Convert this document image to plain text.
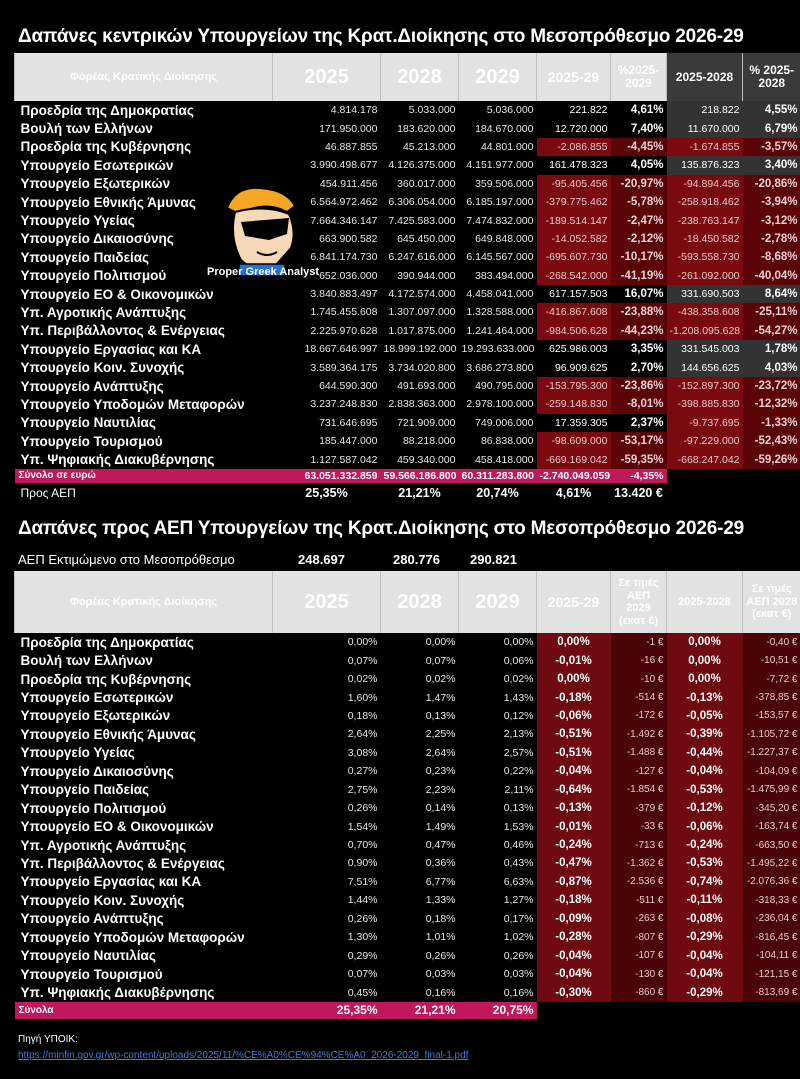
Δαπάνες κεντρικών Υπουργείων της Κρατ.Διοίκησης στο Μεσοπρόθεσμο 2026-29
Φορέας Κρατικής Διοίκησης	2025	2028	2029	2025-29	%2025-2029	2025-2028	% 2025-2028
Προεδρία της Δημοκρατίας	4.814.178	5.033.000	5.036.000	221.822	4,61%	218.822	4,55%
Βουλή των Ελλήνων	171.950.000	183.620.000	184.670.000	12.720.000	7,40%	11.670.000	6,79%
Προεδρία της Κυβέρνησης	46.887.855	45.213.000	44.801.000	-2.086.855	-4,45%	-1.674.855	-3,57%
Υπουργείο Εσωτερικών	3.990.498.677	4.126.375.000	4.151.977.000	161.478.323	4,05%	135.876.323	3,40%
Υπουργείο Εξωτερικών	454.911.456	360.017.000	359.506.000	-95.405.456	-20,97%	-94.894.456	-20,86%
Υπουργείο Εθνικής Άμυνας	6.564.972.462	6.306.054.000	6.185.197.000	-379.775.462	-5,78%	-258.918.462	-3,94%
Υπουργείο Υγείας	7.664.346.147	7.425.583.000	7.474.832.000	-189.514.147	-2,47%	-238.763.147	-3,12%
Υπουργείο Δικαιοσύνης	663.900.582	645.450.000	649.848.000	-14.052.582	-2,12%	-18.450.582	-2,78%
Υπουργείο Παιδείας	6.841.174.730	6.247.616.000	6.145.567.000	-695.607.730	-10,17%	-593.558.730	-8,68%
Υπουργείο Πολιτισμού	652.036.000	390.944.000	383.494.000	-268.542.000	-41,19%	-261.092.000	-40,04%
Υπουργείο ΕΟ & Οικονομικών	3.840.883.497	4.172.574.000	4.458.041.000	617.157.503	16,07%	331.690.503	8,64%
Υπ. Αγροτικής Ανάπτυξης	1.745.455.608	1.307.097.000	1.328.588.000	-416.867.608	-23,88%	-438.358.608	-25,11%
Υπ. Περιβάλλοντος & Ενέργειας	2.225.970.628	1.017.875.000	1.241.464.000	-984.506.628	-44,23%	-1.208.095.628	-54,27%
Υπουργείο Εργασίας και ΚΑ	18.667.646.997	18.999.192.000	19.293.633.000	625.986.003	3,35%	331.545.003	1,78%
Υπουργείο Κοιν. Συνοχής	3.589.364.175	3.734.020.800	3.686.273.800	96.909.625	2,70%	144.656.625	4,03%
Υπουργείο Ανάπτυξης	644.590.300	491.693.000	490.795.000	-153.795.300	-23,86%	-152.897.300	-23,72%
Υπουργείο Υποδομών Μεταφορών	3.237.248.830	2.838.363.000	2.978.100.000	-259.148.830	-8,01%	-398.885.830	-12,32%
Υπουργείο Ναυτιλίας	731.646.695	721.909.000	749.006.000	17.359.305	2,37%	-9.737.695	-1,33%
Υπουργείο Τουρισμού	185.447.000	88.218.000	86.838.000	-98.609.000	-53,17%	-97.229.000	-52,43%
Υπ. Ψηφιακής Διακυβέρνησης	1.127.587.042	459.340.000	458.418.000	-669.169.042	-59,35%	-668.247.042	-59,26%
Σύνολο σε ευρώ	63.051.332.859	59.566.186.800	60.311.283.800	-2.740.049.059	-4,35%		
Προς ΑΕΠ	25,35%	21,21%	20,74%	4,61%	13.420 €		
Proper Greek Analyst
Δαπάνες προς ΑΕΠ Υπουργείων της Κρατ.Διοίκησης στο Μεσοπρόθεσμο 2026-29
ΑΕΠ Εκτιμώμενο στο Μεσοπρόθεσμο	248.697	280.776 290.821
Φορέας Κρατικής Διοίκησης	2025	2028	2029	2025-29	Σε τιμές ΑΕΠ 2029 (εκατ €)	2025-2028	Σε τιμές ΑΕΠ 2028 (εκατ €)
Προεδρία της Δημοκρατίας	0,00%	0,00%	0,00%	0,00%	-1 €	0,00%	-0,40 €
Βουλή των Ελλήνων	0,07%	0,07%	0,06%	-0,01%	-16 €	0,00%	-10,51 €
Προεδρία της Κυβέρνησης	0,02%	0,02%	0,02%	0,00%	-10 €	0,00%	-7,72 €
Υπουργείο Εσωτερικών	1,60%	1,47%	1,43%	-0,18%	-514 €	-0,13%	-378,85 €
Υπουργείο Εξωτερικών	0,18%	0,13%	0,12%	-0,06%	-172 €	-0,05%	-153,57 €
Υπουργείο Εθνικής Άμυνας	2,64%	2,25%	2,13%	-0,51%	-1.492 €	-0,39%	-1.105,72 €
Υπουργείο Υγείας	3,08%	2,64%	2,57%	-0,51%	-1.488 €	-0,44%	-1.227,37 €
Υπουργείο Δικαιοσύνης	0,27%	0,23%	0,22%	-0,04%	-127 €	-0,04%	-104,09 €
Υπουργείο Παιδείας	2,75%	2,23%	2,11%	-0,64%	-1.854 €	-0,53%	-1.475,99 €
Υπουργείο Πολιτισμού	0,26%	0,14%	0,13%	-0,13%	-379 €	-0,12%	-345,20 €
Υπουργείο ΕΟ & Οικονομικών	1,54%	1,49%	1,53%	-0,01%	-33 €	-0,06%	-163,74 €
Υπ. Αγροτικής Ανάπτυξης	0,70%	0,47%	0,46%	-0,24%	-713 €	-0,24%	-663,50 €
Υπ. Περιβάλλοντος & Ενέργειας	0,90%	0,36%	0,43%	-0,47%	-1.362 €	-0,53%	-1.495,22 €
Υπουργείο Εργασίας και ΚΑ	7,51%	6,77%	6,63%	-0,87%	-2.536 €	-0,74%	-2.076,36 €
Υπουργείο Κοιν. Συνοχής	1,44%	1,33%	1,27%	-0,18%	-511 €	-0,11%	-318,33 €
Υπουργείο Ανάπτυξης	0,26%	0,18%	0,17%	-0,09%	-263 €	-0,08%	-236,04 €
Υπουργείο Υποδομών Μεταφορών	1,30%	1,01%	1,02%	-0,28%	-807 €	-0,29%	-816,45 €
Υπουργείο Ναυτιλίας	0,29%	0,26%	0,26%	-0,04%	-107 €	-0,04%	-104,11 €
Υπουργείο Τουρισμού	0,07%	0,03%	0,03%	-0,04%	-130 €	-0,04%	-121,15 €
Υπ. Ψηφιακής Διακυβέρνησης	0,45%	0,16%	0,16%	-0,30%	-860 €	-0,29%	-813,69 €
Σύνολα	25,35%	21,21%	20,75%				
Πηγή ΥΠΟΙΚ:
https://minfin.gov.gr/wp-content/uploads/2025/11/%CE%A0%CE%94%CE%A0_2026-2029_final-1.pdf
